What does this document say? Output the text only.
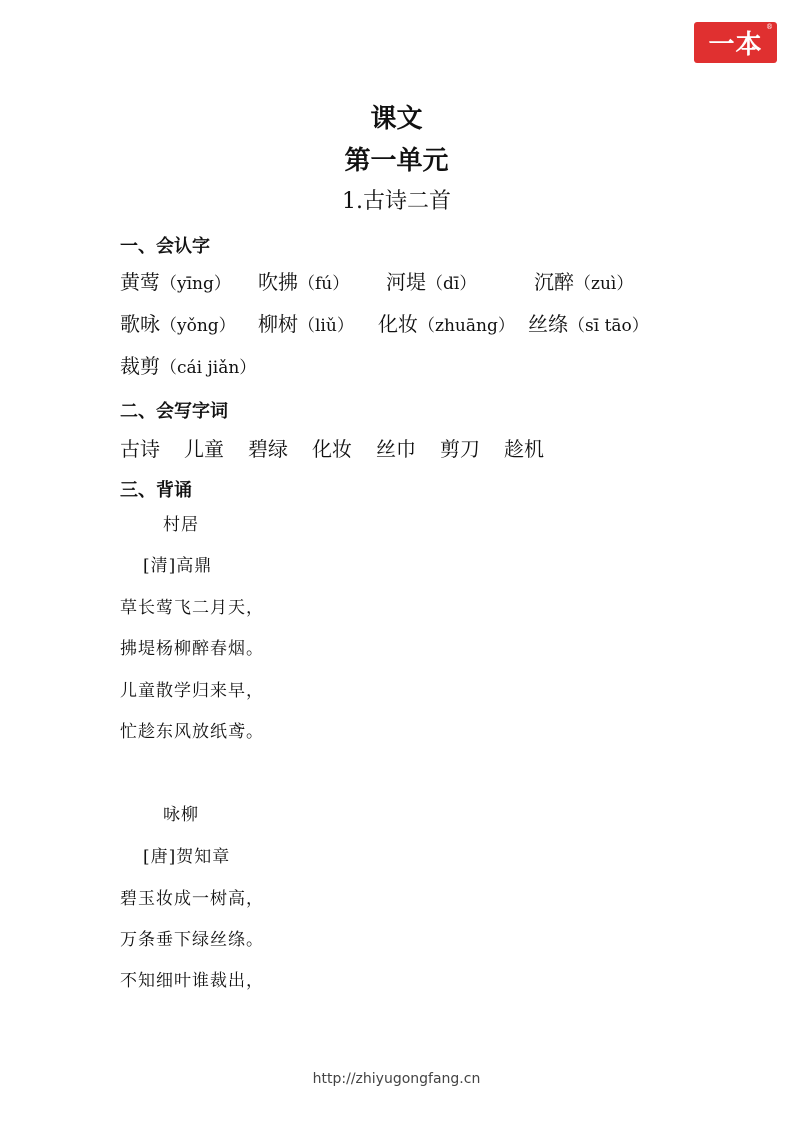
一本
®
课文
第一单元
1.古诗二首
一、会认字
黄莺（yīng） 吹拂（fú） 河堤（dī）	沉醉（zuì）
歌咏（yǒng） 柳树（liǔ） 化妆（zhuāng） 丝绦（sī tāo）
裁剪（cái jiǎn）
二、会写字词
古诗 儿童 碧绿 化妆 丝巾 剪刀 趁机
三、背诵
村居
[清]高鼎
草长莺飞二月天，
拂堤杨柳醉春烟。
儿童散学归来早，
忙趁东风放纸鸢。
咏柳
[唐]贺知章
碧玉妆成一树高，
万条垂下绿丝绦。
不知细叶谁裁出，
http://zhiyugongfang.cn
